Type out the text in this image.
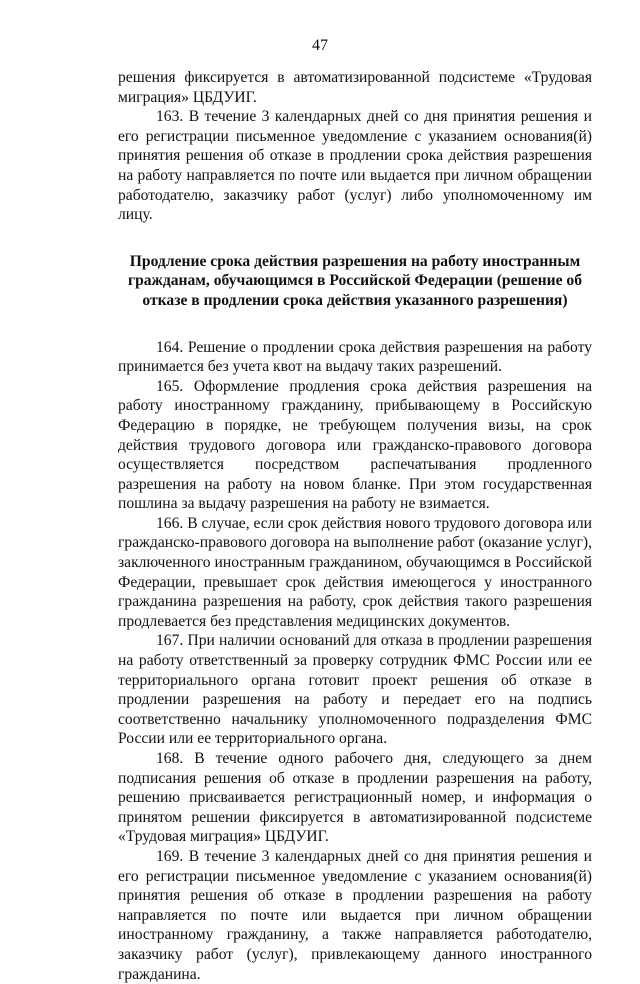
47

решения фиксируется в автоматизированной подсистеме «Трудовая миграция» ЦБДУИГ.

163. В течение 3 календарных дней со дня принятия решения и его регистрации письменное уведомление с указанием основания(й) принятия решения об отказе в продлении срока действия разрешения на работу направляется по почте или выдается при личном обращении работодателю, заказчику работ (услуг) либо уполномоченному им лицу.

Продление срока действия разрешения на работу иностранным гражданам, обучающимся в Российской Федерации (решение об отказе в продлении срока действия указанного разрешения)

164. Решение о продлении срока действия разрешения на работу принимается без учета квот на выдачу таких разрешений.

165. Оформление продления срока действия разрешения на работу иностранному гражданину, прибывающему в Российскую Федерацию в порядке, не требующем получения визы, на срок действия трудового договора или гражданско-правового договора осуществляется посредством распечатывания продленного разрешения на работу на новом бланке. При этом государственная пошлина за выдачу разрешения на работу не взимается.

166. В случае, если срок действия нового трудового договора или гражданско-правового договора на выполнение работ (оказание услуг), заключенного иностранным гражданином, обучающимся в Российской Федерации, превышает срок действия имеющегося у иностранного гражданина разрешения на работу, срок действия такого разрешения продлевается без представления медицинских документов.

167. При наличии оснований для отказа в продлении разрешения на работу ответственный за проверку сотрудник ФМС России или ее территориального органа готовит проект решения об отказе в продлении разрешения на работу и передает его на подпись соответственно начальнику уполномоченного подразделения ФМС России или ее территориального органа.

168. В течение одного рабочего дня, следующего за днем подписания решения об отказе в продлении разрешения на работу, решению присваивается регистрационный номер, и информация о принятом решении фиксируется в автоматизированной подсистеме «Трудовая миграция» ЦБДУИГ.

169. В течение 3 календарных дней со дня принятия решения и его регистрации письменное уведомление с указанием основания(й) принятия решения об отказе в продлении разрешения на работу направляется по почте или выдается при личном обращении иностранному гражданину, а также направляется работодателю, заказчику работ (услуг), привлекающему данного иностранного гражданина.
